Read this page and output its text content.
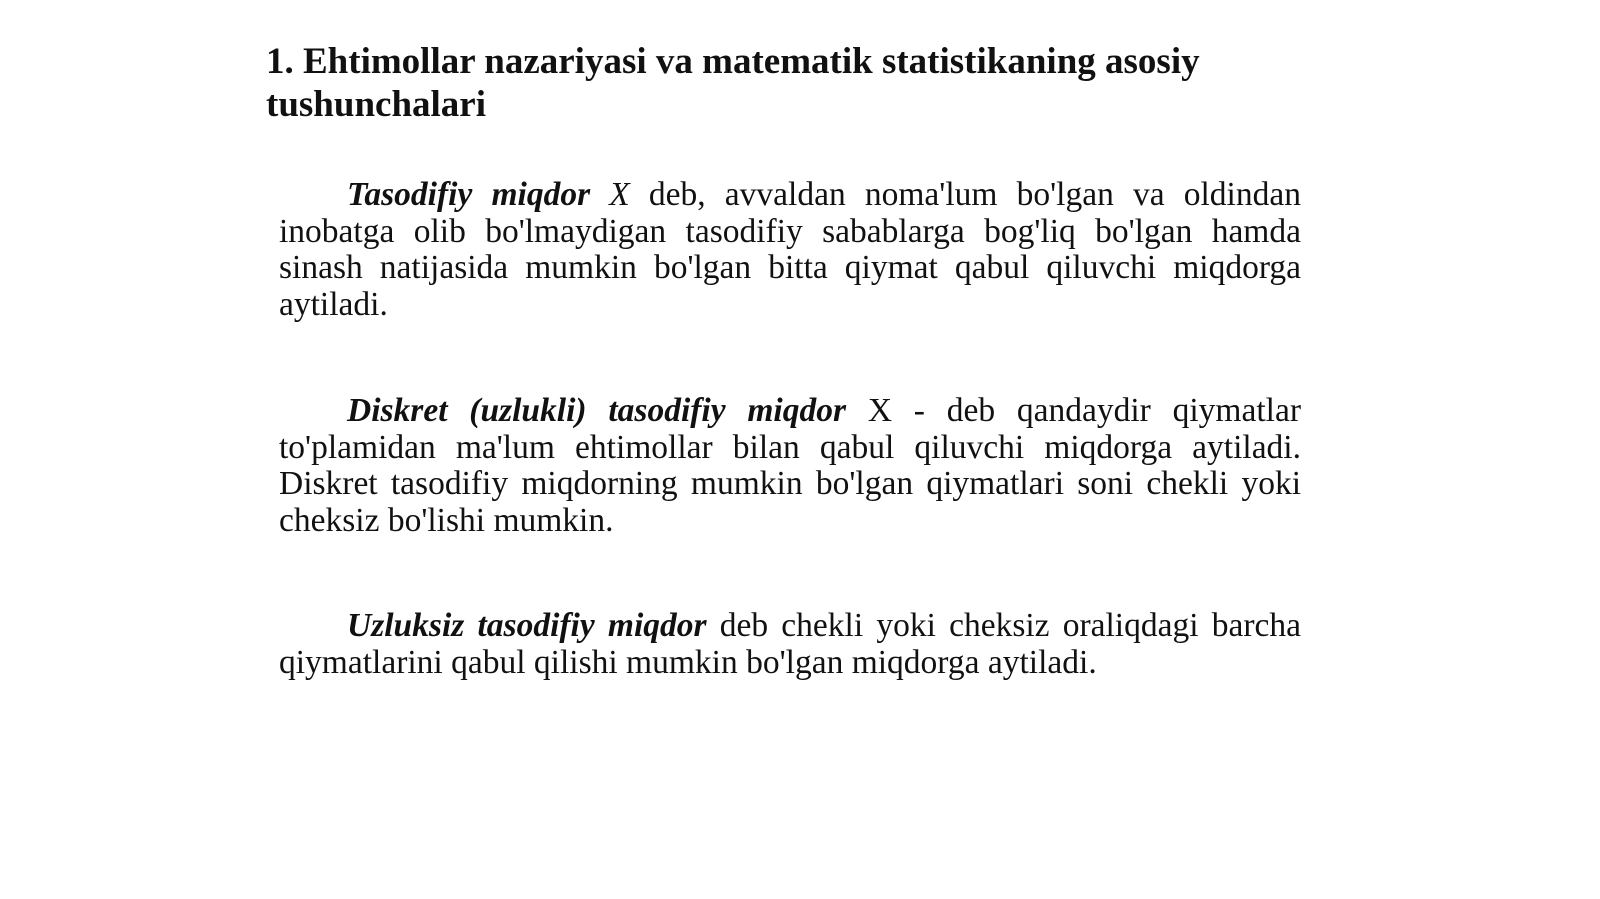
1. Ehtimollar nazariyasi va matematik statistikaning asosiy tushunchalari

Tasodifiy miqdor X deb, avvaldan noma'lum bo'lgan va oldindan inobatga olib bo'lmaydigan tasodifiy sabablarga bog'liq bo'lgan hamda sinash natijasida mumkin bo'lgan bitta qiymat qabul qiluvchi miqdorga aytiladi.

Diskret (uzlukli) tasodifiy miqdor X - deb qandaydir qiymatlar to'plamidan ma'lum ehtimollar bilan qabul qiluvchi miqdorga aytiladi. Diskret tasodifiy miqdorning mumkin bo'lgan qiymatlari soni chekli yoki cheksiz bo'lishi mumkin.

Uzluksiz tasodifiy miqdor deb chekli yoki cheksiz oraliqdagi barcha qiymatlarini qabul qilishi mumkin bo'lgan miqdorga aytiladi.
